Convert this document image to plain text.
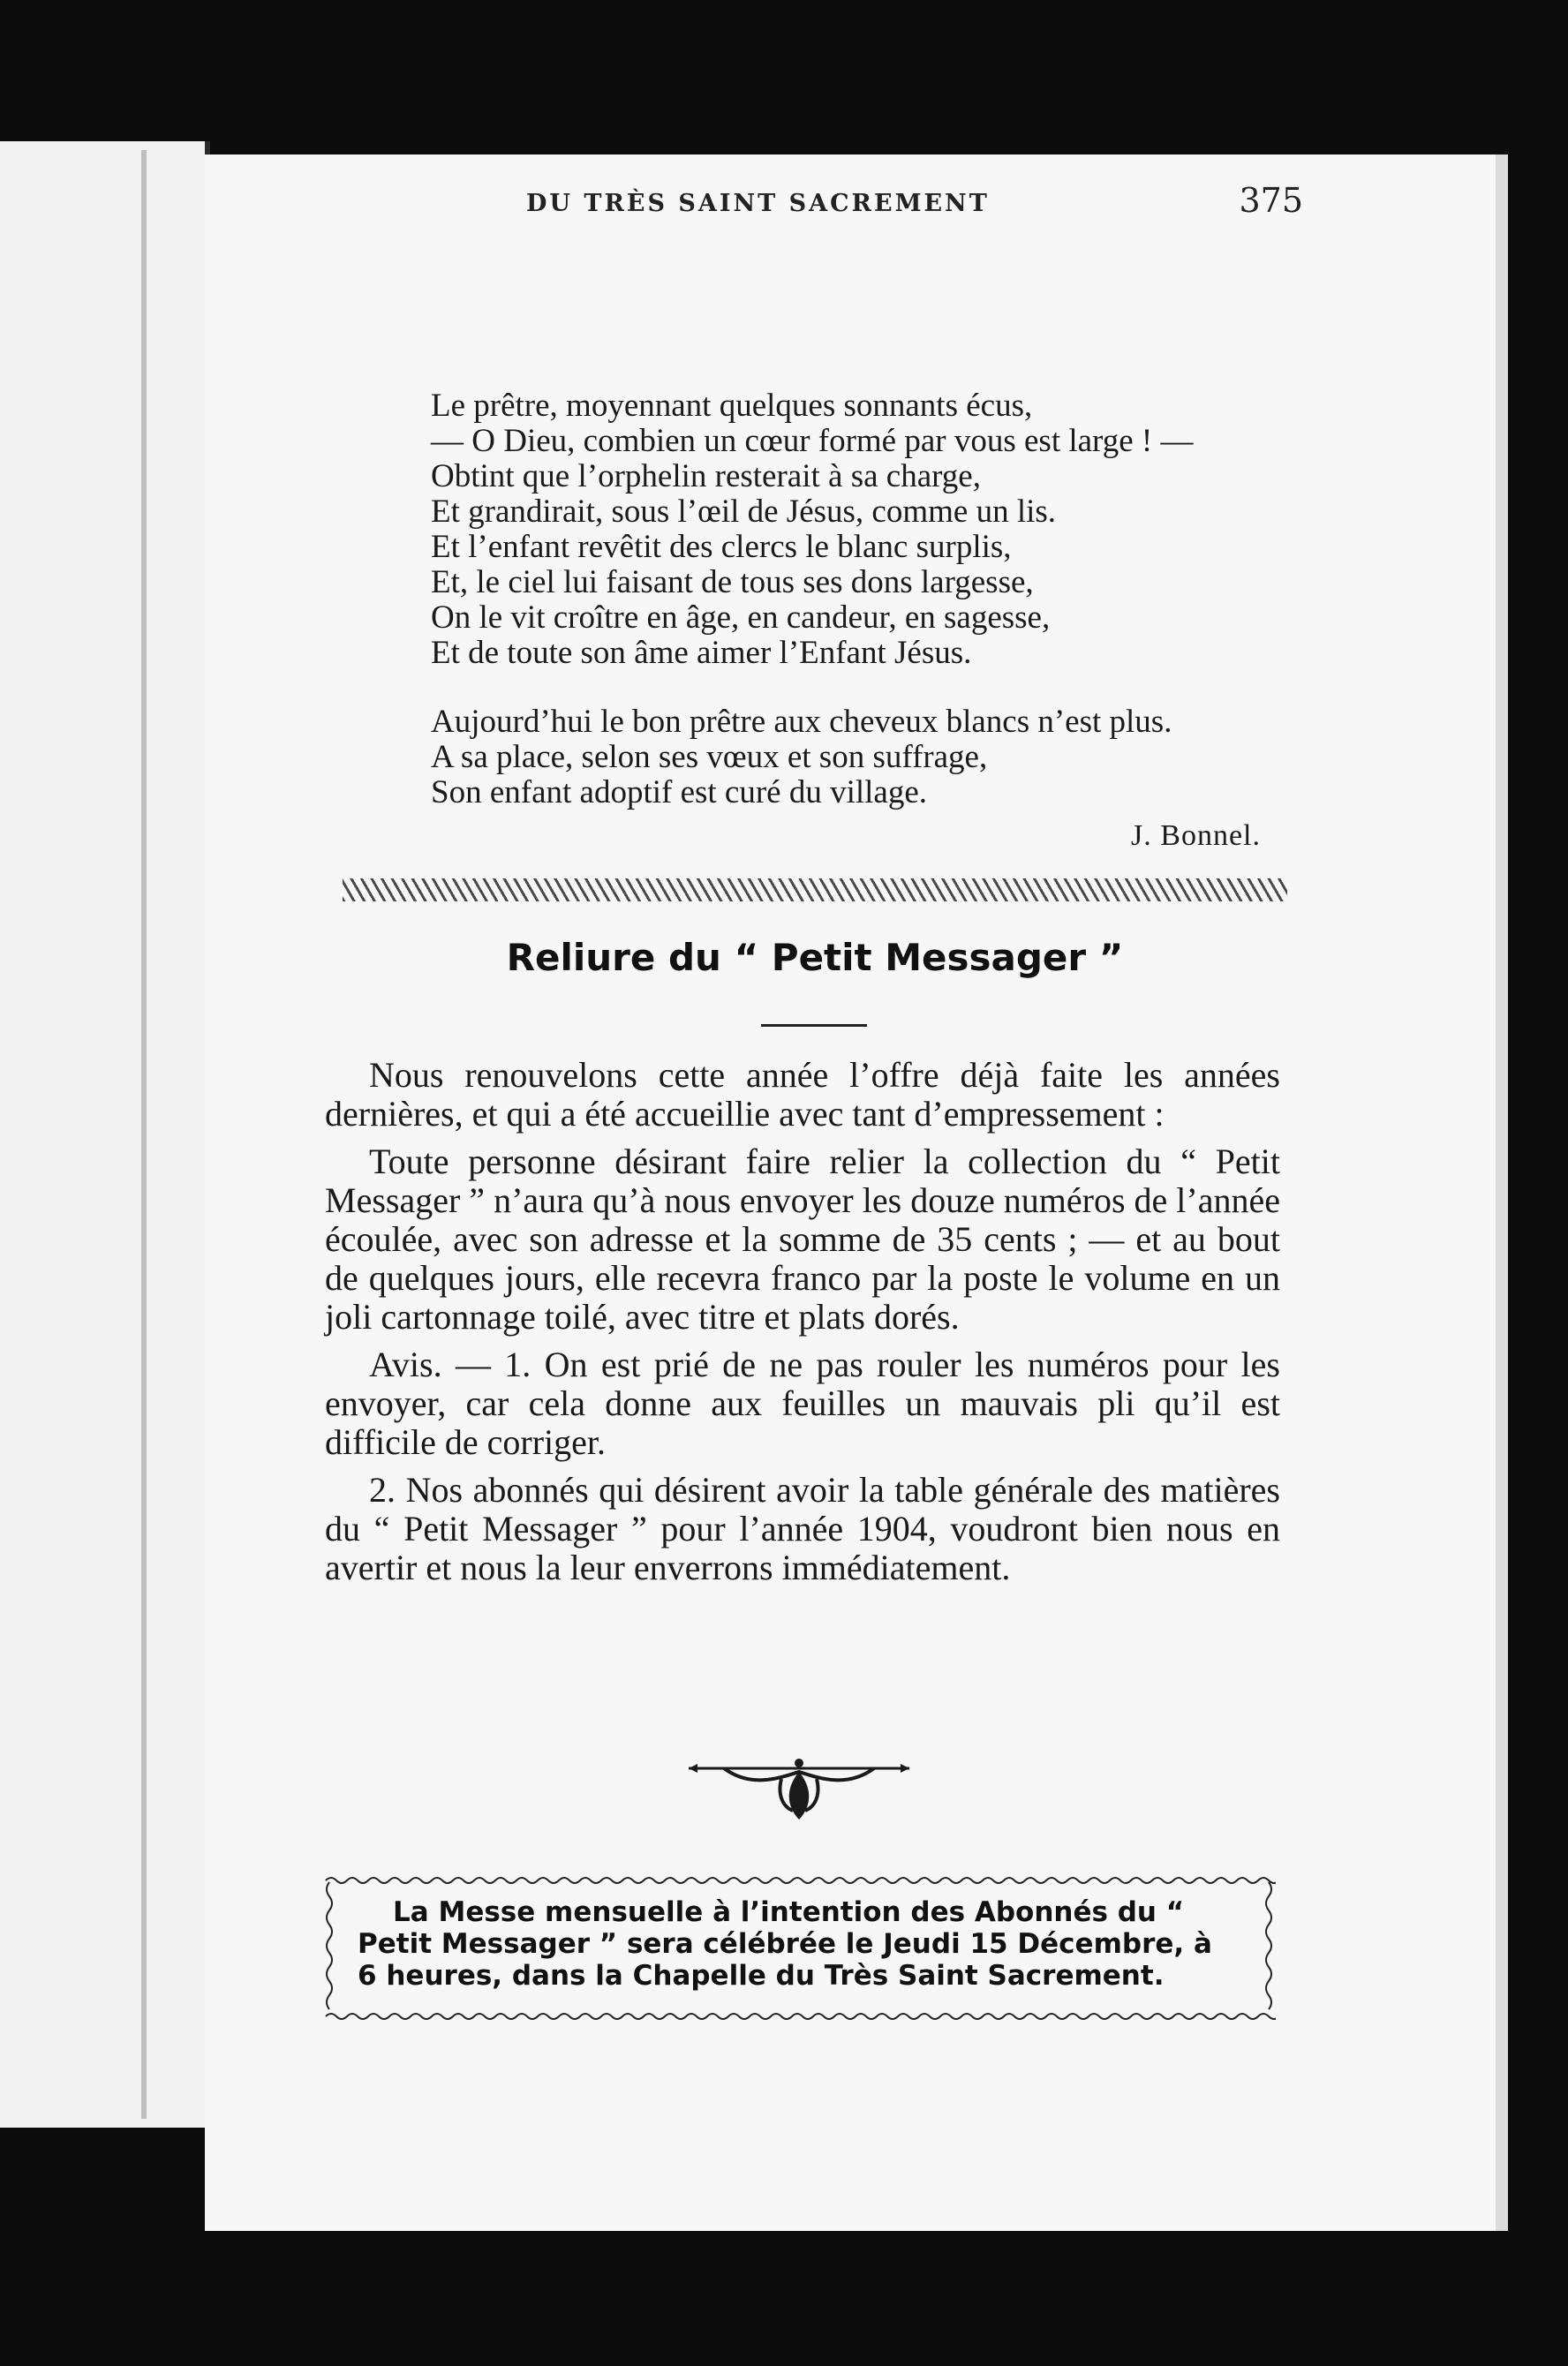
DU TRÈS SAINT SACREMENT	375
Le prêtre, moyennant quelques sonnants écus,
— O Dieu, combien un cœur formé par vous est large ! —
Obtint que l’orphelin resterait à sa charge,
Et grandirait, sous l’œil de Jésus, comme un lis.
Et l’enfant revêtit des clercs le blanc surplis,
Et, le ciel lui faisant de tous ses dons largesse,
On le vit croître en âge, en candeur, en sagesse,
Et de toute son âme aimer l’Enfant Jésus.
Aujourd’hui le bon prêtre aux cheveux blancs n’est plus.
A sa place, selon ses vœux et son suffrage,
Son enfant adoptif est curé du village.
J. Bonnel.
Reliure du “ Petit Messager ”

Nous renouvelons cette année l’offre déjà faite les années dernières, et qui a été accueillie avec tant d’empressement :

Toute personne désirant faire relier la collection du “ Petit Messager ” n’aura qu’à nous envoyer les douze numéros de l’année écoulée, avec son adresse et la somme de 35 cents ; — et au bout de quelques jours, elle recevra franco par la poste le volume en un joli cartonnage toilé, avec titre et plats dorés.

Avis. — 1. On est prié de ne pas rouler les numéros pour les envoyer, car cela donne aux feuilles un mauvais pli qu’il est difficile de corriger.

2. Nos abonnés qui désirent avoir la table générale des matières du “ Petit Messager ” pour l’année 1904, voudront bien nous en avertir et nous la leur enverrons immédiatement.

La Messe mensuelle à l’intention des Abonnés du “ Petit Messager ” sera célébrée le Jeudi 15 Décembre, à 6 heures, dans la Chapelle du Très Saint Sacrement.
